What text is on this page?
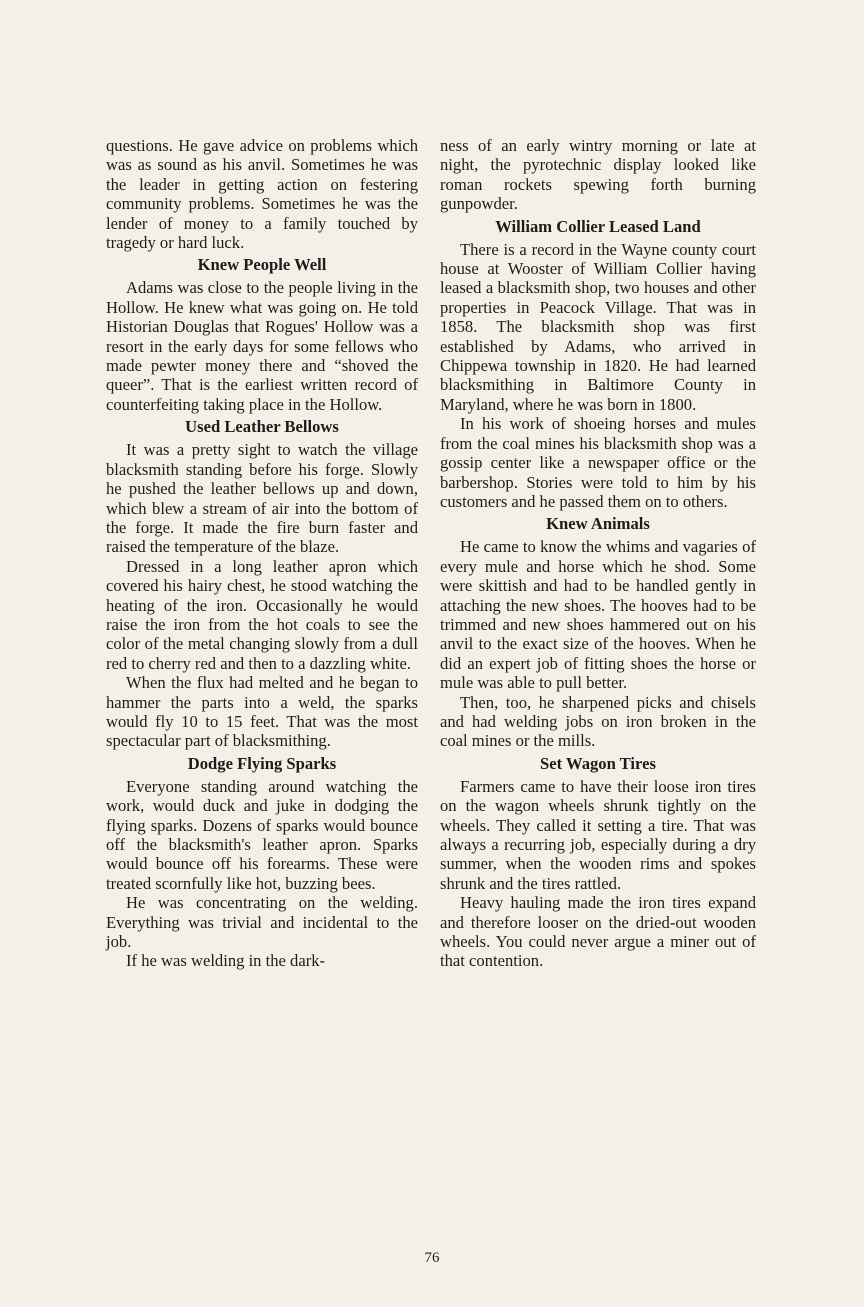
questions. He gave advice on problems which was as sound as his anvil. Sometimes he was the leader in getting action on festering community problems. Sometimes he was the lender of money to a family touched by tragedy or hard luck.

Knew People Well

Adams was close to the people living in the Hollow. He knew what was going on. He told Historian Douglas that Rogues' Hollow was a resort in the early days for some fellows who made pewter money there and “shoved the queer”. That is the earliest written record of counterfeiting taking place in the Hollow.

Used Leather Bellows

It was a pretty sight to watch the village blacksmith standing before his forge. Slowly he pushed the leather bellows up and down, which blew a stream of air into the bottom of the forge. It made the fire burn faster and raised the temperature of the blaze.

Dressed in a long leather apron which covered his hairy chest, he stood watching the heating of the iron. Occasionally he would raise the iron from the hot coals to see the color of the metal changing slowly from a dull red to cherry red and then to a dazzling white.

When the flux had melted and he began to hammer the parts into a weld, the sparks would fly 10 to 15 feet. That was the most spectacular part of blacksmithing.

Dodge Flying Sparks

Everyone standing around watching the work, would duck and juke in dodging the flying sparks. Dozens of sparks would bounce off the blacksmith's leather apron. Sparks would bounce off his forearms. These were treated scornfully like hot, buzzing bees.

He was concentrating on the welding. Everything was trivial and incidental to the job.

If he was welding in the dark-

ness of an early wintry morning or late at night, the pyrotechnic display looked like roman rockets spewing forth burning gunpowder.

William Collier Leased Land

There is a record in the Wayne county court house at Wooster of William Collier having leased a blacksmith shop, two houses and other properties in Peacock Village. That was in 1858. The blacksmith shop was first established by Adams, who arrived in Chippewa township in 1820. He had learned blacksmithing in Baltimore County in Maryland, where he was born in 1800.

In his work of shoeing horses and mules from the coal mines his blacksmith shop was a gossip center like a newspaper office or the barbershop. Stories were told to him by his customers and he passed them on to others.

Knew Animals

He came to know the whims and vagaries of every mule and horse which he shod. Some were skittish and had to be handled gently in attaching the new shoes. The hooves had to be trimmed and new shoes hammered out on his anvil to the exact size of the hooves. When he did an expert job of fitting shoes the horse or mule was able to pull better.

Then, too, he sharpened picks and chisels and had welding jobs on iron broken in the coal mines or the mills.

Set Wagon Tires

Farmers came to have their loose iron tires on the wagon wheels shrunk tightly on the wheels. They called it setting a tire. That was always a recurring job, especially during a dry summer, when the wooden rims and spokes shrunk and the tires rattled.

Heavy hauling made the iron tires expand and therefore looser on the dried-out wooden wheels. You could never argue a miner out of that contention.

76
